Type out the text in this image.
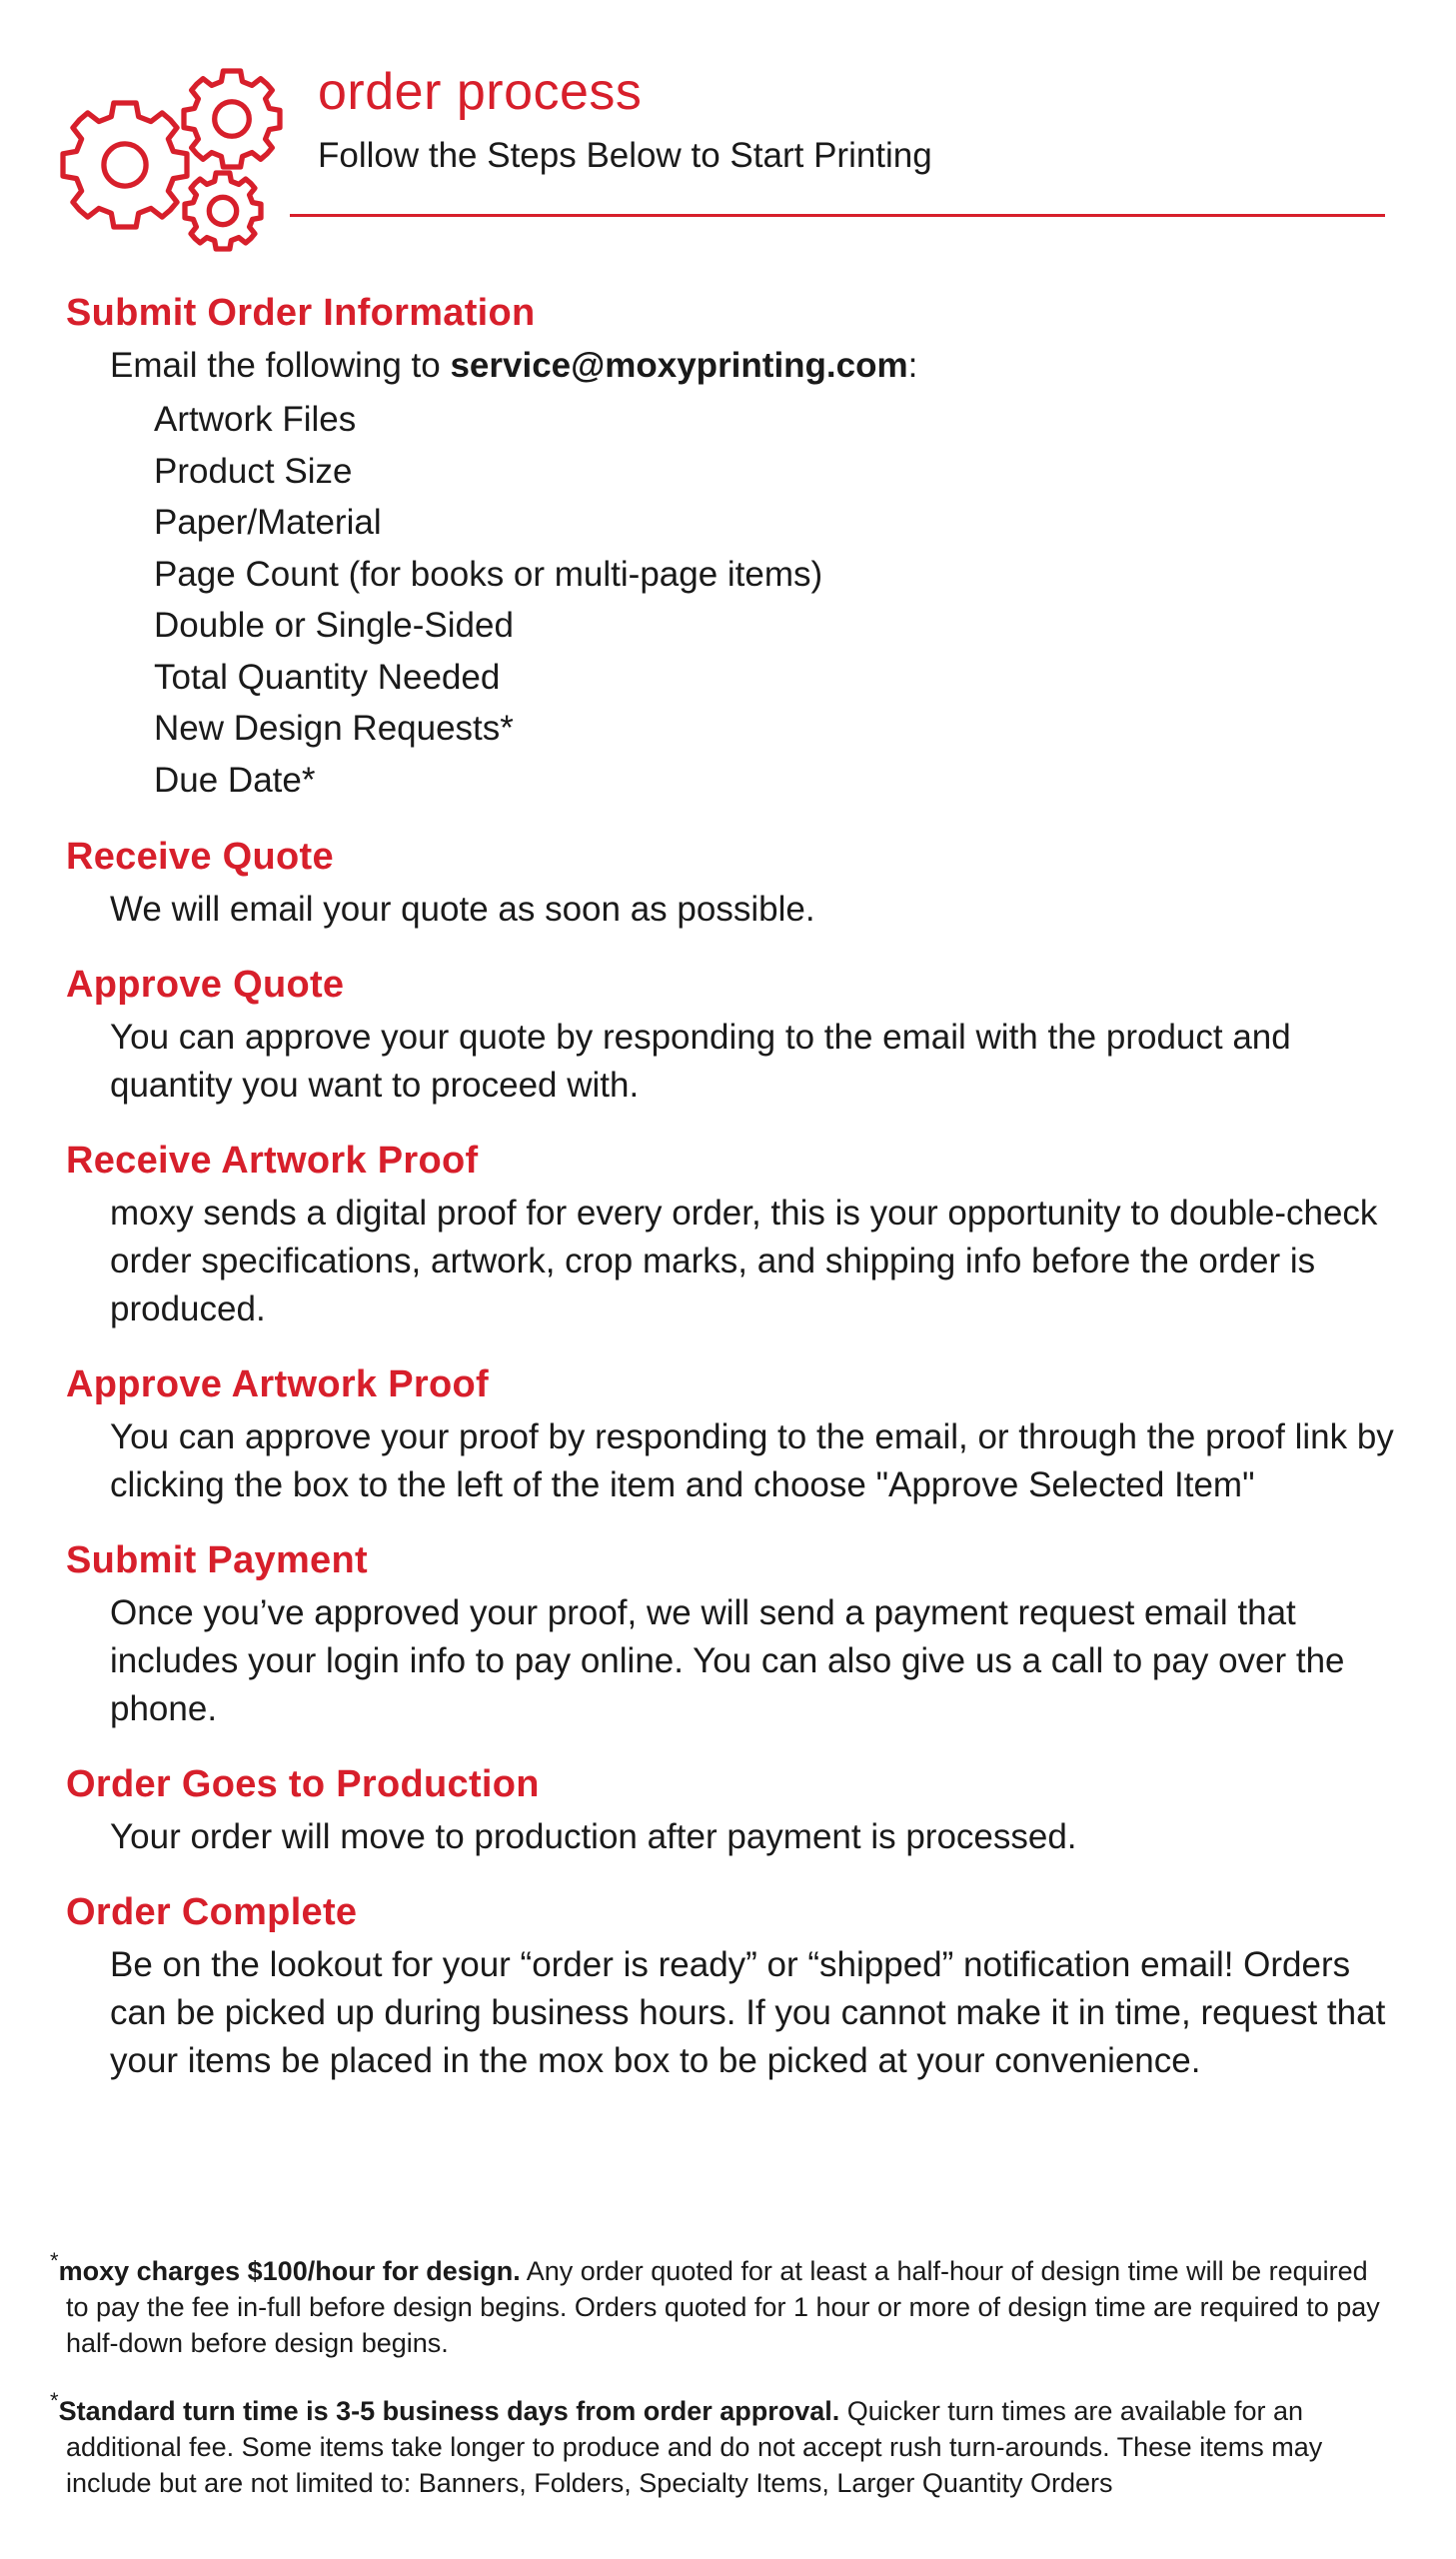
order process
Follow the Steps Below to Start Printing
Submit Order Information

Email the following to service@moxyprinting.com:

Artwork Files
Product Size
Paper/Material
Page Count (for books or multi-page items)
Double or Single-Sided
Total Quantity Needed
New Design Requests*
Due Date*
Receive Quote

We will email your quote as soon as possible.

Approve Quote

You can approve your quote by responding to the email with the product and quantity you want to proceed with.

Receive Artwork Proof

moxy sends a digital proof for every order, this is your opportunity to double-check order specifications, artwork, crop marks, and shipping info before the order is produced.

Approve Artwork Proof

You can approve your proof by responding to the email, or through the proof link by clicking the box to the left of the item and choose "Approve Selected Item"

Submit Payment

Once you’ve approved your proof, we will send a payment request email that includes your login info to pay online. You can also give us a call to pay over the phone.

Order Goes to Production

Your order will move to production after payment is processed.

Order Complete

Be on the lookout for your “order is ready” or “shipped” notification email! Orders can be picked up during business hours. If you cannot make it in time, request that your items be placed in the mox box to be picked at your convenience.

*moxy charges $100/hour for design. Any order quoted for at least a half-hour of design time will be required to pay the fee in-full before design begins. Orders quoted for 1 hour or more of design time are required to pay half-down before design begins.

*Standard turn time is 3-5 business days from order approval. Quicker turn times are available for an additional fee. Some items take longer to produce and do not accept rush turn-arounds. These items may include but are not limited to: Banners, Folders, Specialty Items, Larger Quantity Orders
